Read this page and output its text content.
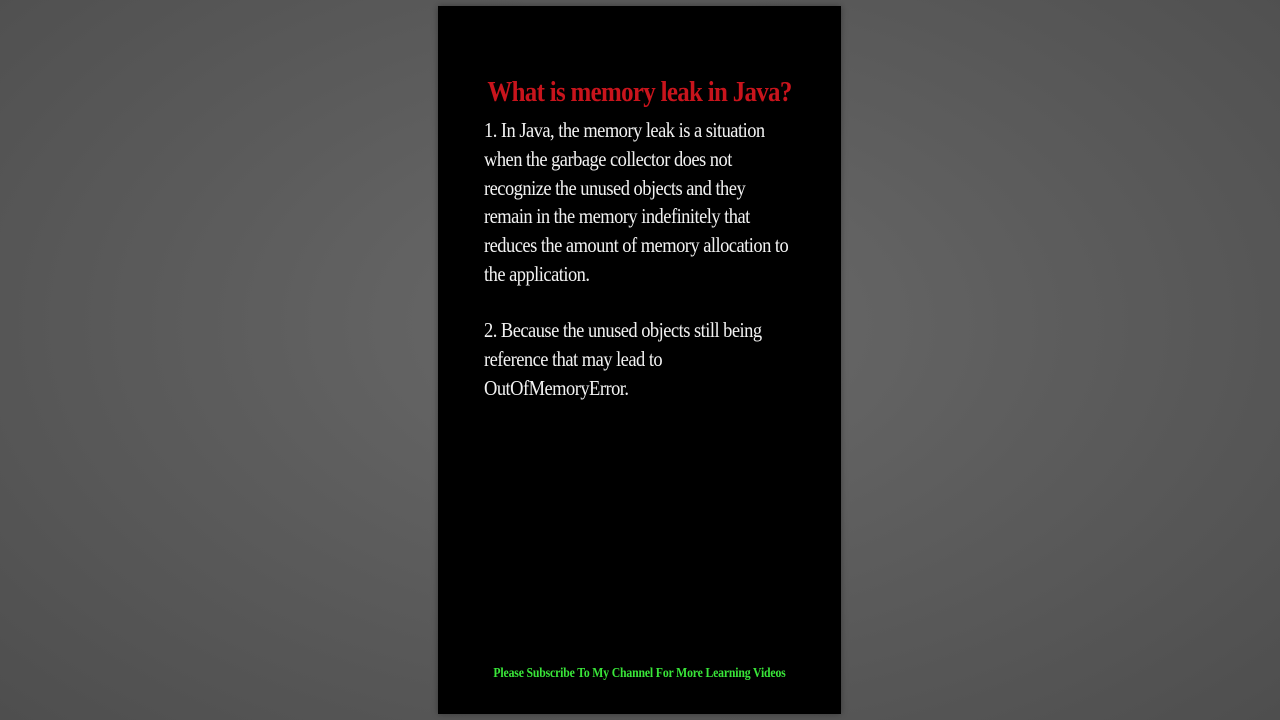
What is memory leak in Java?
1. In Java, the memory leak is a situation
when the garbage collector does not
recognize the unused objects and they
remain in the memory indefinitely that
reduces the amount of memory allocation to
the application.
2. Because the unused objects still being
reference that may lead to
OutOfMemoryError.
Please Subscribe To My Channel For More Learning Videos
